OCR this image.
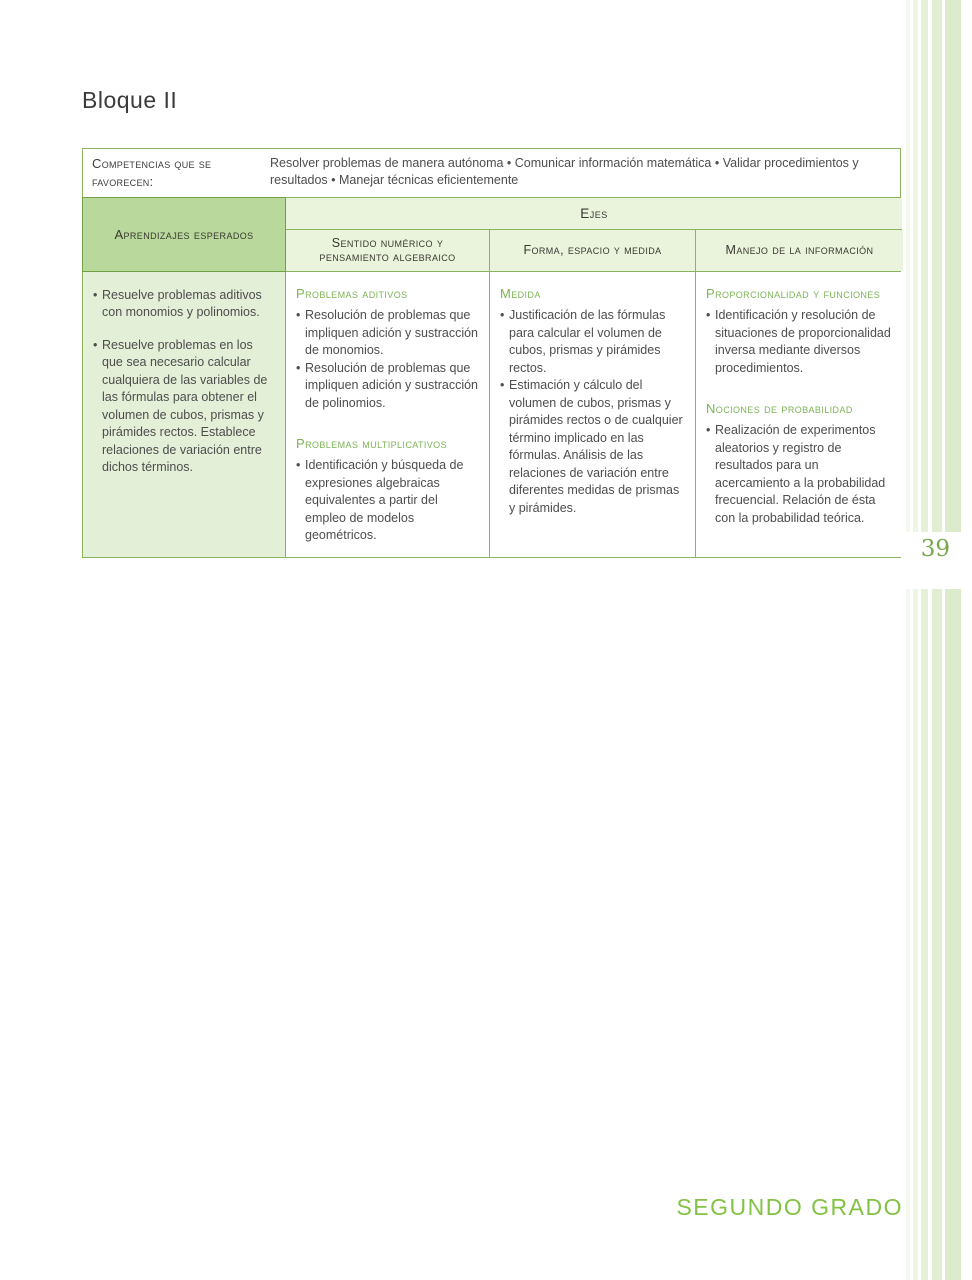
Bloque II
Competencias que se favorecen:
Resolver problemas de manera autónoma • Comunicar información matemática • Validar procedimientos y resultados • Manejar técnicas eficientemente
Aprendizajes esperados
Ejes
Sentido numérico y pensamiento algebraico
Forma, espacio y medida	Manejo de la información
• Resuelve problemas aditivos con monomios y polinomios.
• Resuelve problemas en los que sea necesario calcular cualquiera de las variables de las fórmulas para obtener el volumen de cubos, prismas y pirámides rectos. Establece relaciones de variación entre dichos términos.
Problemas aditivos
• Resolución de problemas que impliquen adición y sustracción de monomios.
• Resolución de problemas que impliquen adición y sustracción de polinomios.
Problemas multiplicativos
• Identificación y búsqueda de expresiones algebraicas equivalentes a partir del empleo de modelos geométricos.
Medida
• Justificación de las fórmulas para calcular el volumen de cubos, prismas y pirámides rectos.
• Estimación y cálculo del volumen de cubos, prismas y pirámides rectos o de cualquier término implicado en las fórmulas. Análisis de las relaciones de variación entre diferentes medidas de prismas y pirámides.
Proporcionalidad y funciones
• Identificación y resolución de situaciones de proporcionalidad inversa mediante diversos procedimientos.
Nociones de probabilidad
• Realización de experimentos aleatorios y registro de resultados para un acercamiento a la probabilidad frecuencial. Relación de ésta con la probabilidad teórica.
39
SEGUNDO GRADO
